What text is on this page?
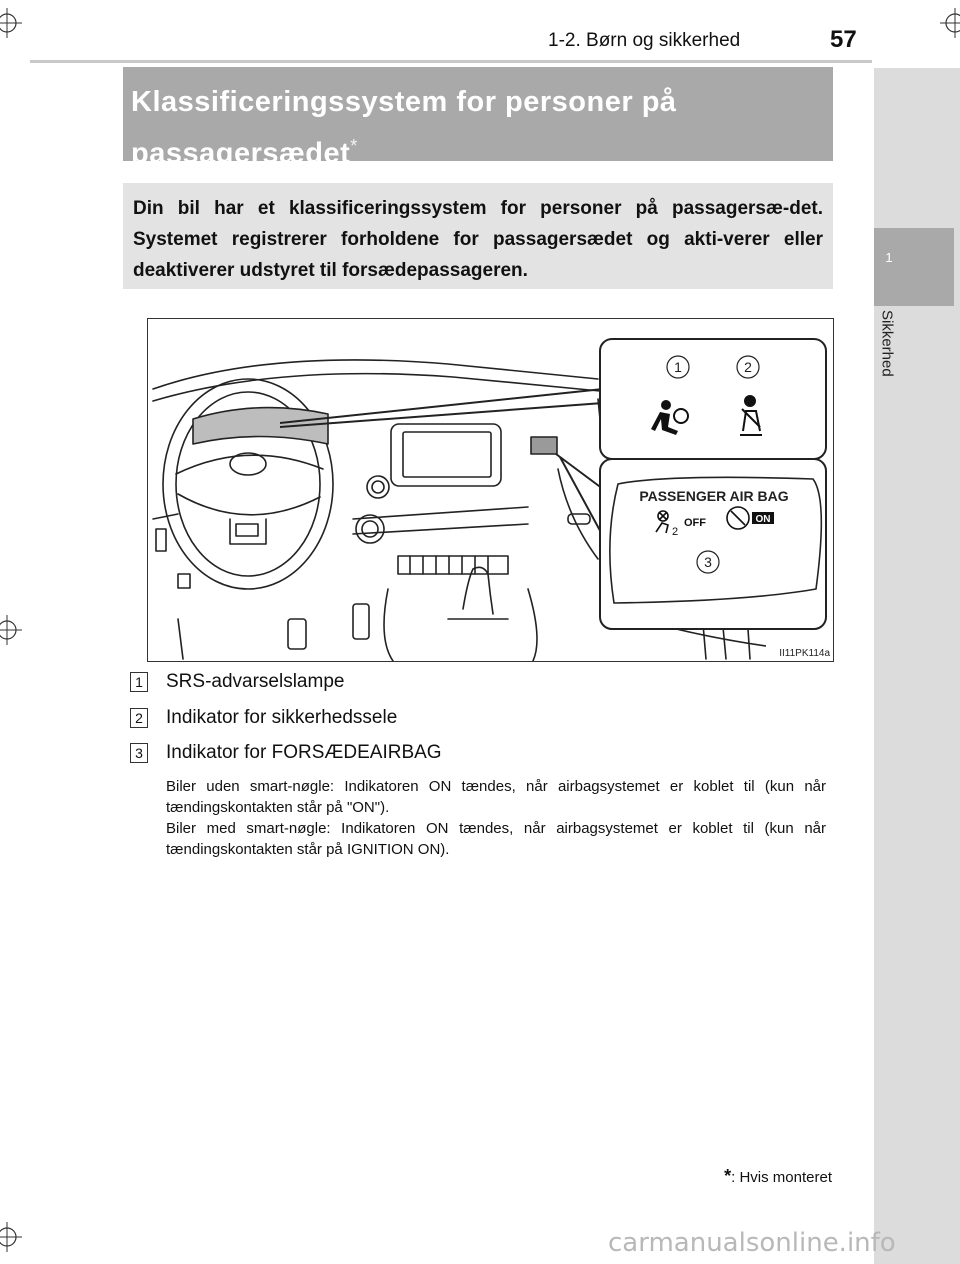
1
Sikkerhed
1-2. Børn og sikkerhed	57
Klassificeringssystem for personer på passagersædet*
Din bil har et klassificeringssystem for personer på passagersæ-det. Systemet registrerer forholdene for passagersædet og akti-verer eller deaktiverer udstyret til forsædepassageren.
1	2
PASSENGER AIR BAG
2
OFF	ON
3
II11PK114a
1 SRS-advarselslampe
2 Indikator for sikkerhedssele
3 Indikator for FORSÆDEAIRBAG
Biler uden smart-nøgle: Indikatoren ON tændes, når airbagsystemet er koblet til (kun når tændingskontakten står på "ON").
Biler med smart-nøgle: Indikatoren ON tændes, når airbagsystemet er koblet til (kun når tændingskontakten står på IGNITION ON).
*: Hvis monteret
carmanualsonline.info
